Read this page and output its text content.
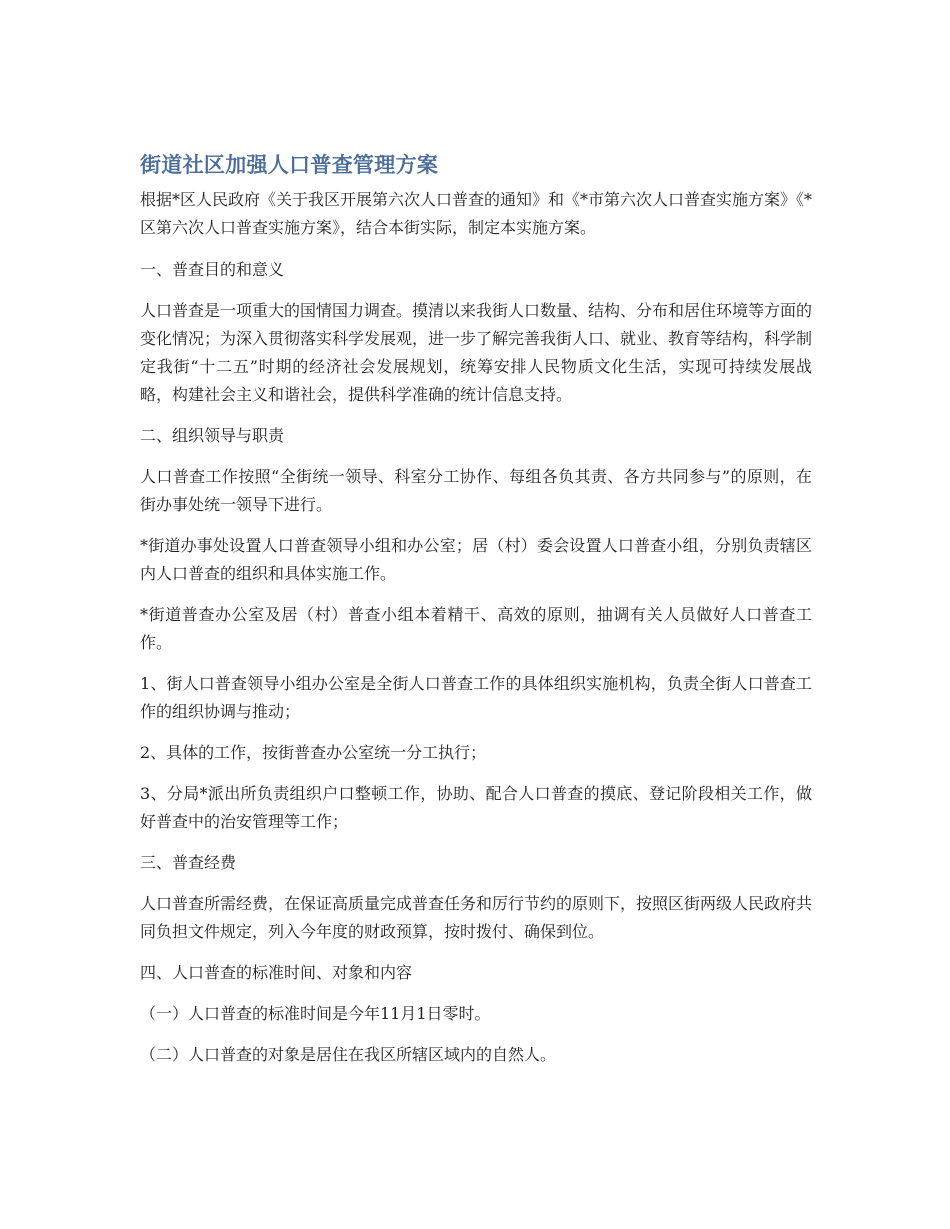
街道社区加强人口普查管理方案

根据*区人民政府《关于我区开展第六次人口普查的通知》和《*市第六次人口普查实施方案》《*区第六次人口普查实施方案》，结合本街实际，制定本实施方案。

一、普查目的和意义

人口普查是一项重大的国情国力调查。摸清以来我街人口数量、结构、分布和居住环境等方面的变化情况；为深入贯彻落实科学发展观，进一步了解完善我街人口、就业、教育等结构，科学制定我街“十二五”时期的经济社会发展规划，统筹安排人民物质文化生活，实现可持续发展战略，构建社会主义和谐社会，提供科学准确的统计信息支持。

二、组织领导与职责

人口普查工作按照“全街统一领导、科室分工协作、每组各负其责、各方共同参与”的原则，在街办事处统一领导下进行。

*街道办事处设置人口普查领导小组和办公室；居（村）委会设置人口普查小组，分别负责辖区内人口普查的组织和具体实施工作。

*街道普查办公室及居（村）普查小组本着精干、高效的原则，抽调有关人员做好人口普查工作。

1、街人口普查领导小组办公室是全街人口普查工作的具体组织实施机构，负责全街人口普查工作的组织协调与推动；

2、具体的工作，按街普查办公室统一分工执行；

3、分局*派出所负责组织户口整顿工作，协助、配合人口普查的摸底、登记阶段相关工作，做好普查中的治安管理等工作；

三、普查经费

人口普查所需经费，在保证高质量完成普查任务和厉行节约的原则下，按照区街两级人民政府共同负担文件规定，列入今年度的财政预算，按时拨付、确保到位。

四、人口普查的标准时间、对象和内容

（一）人口普查的标准时间是今年11月1日零时。

（二）人口普查的对象是居住在我区所辖区域内的自然人。
